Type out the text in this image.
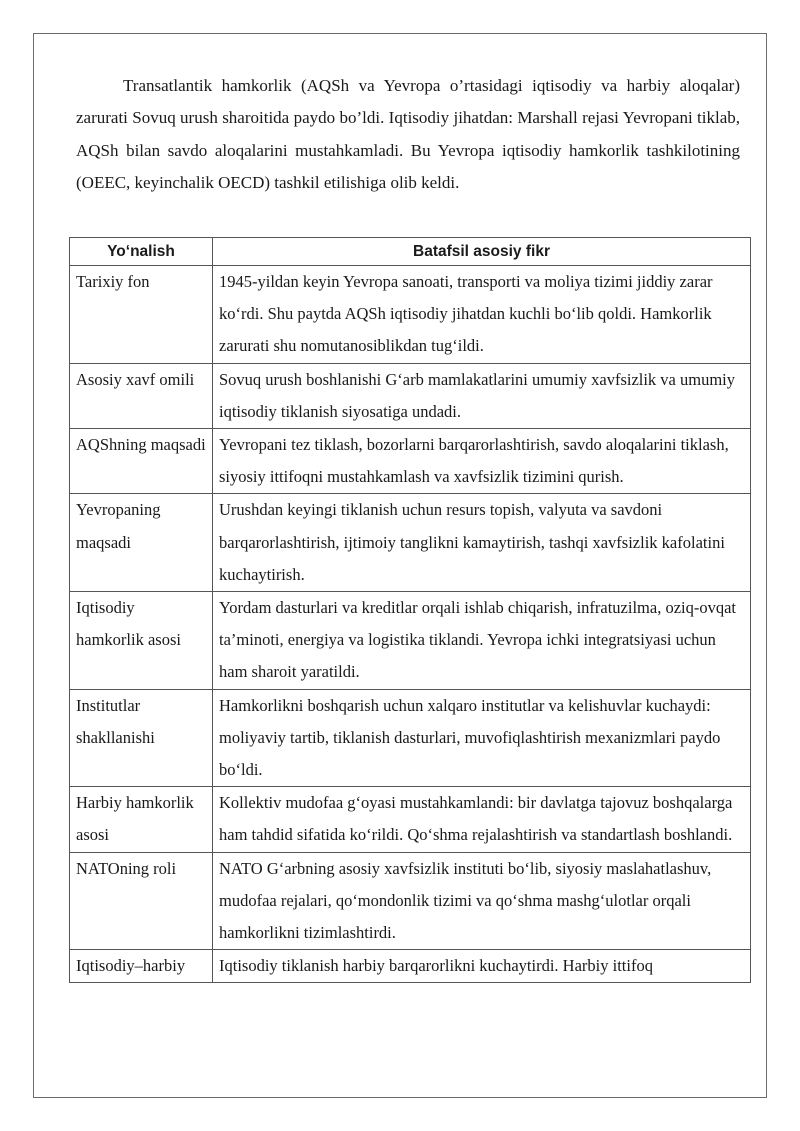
Transatlantik hamkorlik (AQSh va Yevropa o’rtasidagi iqtisodiy va harbiy aloqalar) zarurati Sovuq urush sharoitida paydo bo’ldi. Iqtisodiy jihatdan: Marshall rejasi Yevropani tiklab, AQSh bilan savdo aloqalarini mustahkamladi. Bu Yevropa iqtisodiy hamkorlik tashkilotining (OEEC, keyinchalik OECD) tashkil etilishiga olib keldi.

Yo‘nalish	Batafsil asosiy fikr
Tarixiy fon	1945-yildan keyin Yevropa sanoati, transporti va moliya tizimi jiddiy zarar ko‘rdi. Shu paytda AQSh iqtisodiy jihatdan kuchli bo‘lib qoldi. Hamkorlik zarurati shu nomutanosiblikdan tug‘ildi.
Asosiy xavf omili	Sovuq urush boshlanishi G‘arb mamlakatlarini umumiy xavfsizlik va umumiy iqtisodiy tiklanish siyosatiga undadi.
AQShning maqsadi	Yevropani tez tiklash, bozorlarni barqarorlashtirish, savdo aloqalarini tiklash, siyosiy ittifoqni mustahkamlash va xavfsizlik tizimini qurish.
Yevropaning maqsadi	Urushdan keyingi tiklanish uchun resurs topish, valyuta va savdoni barqarorlashtirish, ijtimoiy tanglikni kamaytirish, tashqi xavfsizlik kafolatini kuchaytirish.
Iqtisodiy hamkorlik asosi	Yordam dasturlari va kreditlar orqali ishlab chiqarish, infratuzilma, oziq-ovqat ta’minoti, energiya va logistika tiklandi. Yevropa ichki integratsiyasi uchun ham sharoit yaratildi.
Institutlar shakllanishi	Hamkorlikni boshqarish uchun xalqaro institutlar va kelishuvlar kuchaydi: moliyaviy tartib, tiklanish dasturlari, muvofiqlashtirish mexanizmlari paydo bo‘ldi.
Harbiy hamkorlik asosi	Kollektiv mudofaa g‘oyasi mustahkamlandi: bir davlatga tajovuz boshqalarga ham tahdid sifatida ko‘rildi. Qo‘shma rejalashtirish va standartlash boshlandi.
NATOning roli	NATO G‘arbning asosiy xavfsizlik instituti bo‘lib, siyosiy maslahatlashuv, mudofaa rejalari, qo‘mondonlik tizimi va qo‘shma mashg‘ulotlar orqali hamkorlikni tizimlashtirdi.
Iqtisodiy–harbiy	Iqtisodiy tiklanish harbiy barqarorlikni kuchaytirdi. Harbiy ittifoq
